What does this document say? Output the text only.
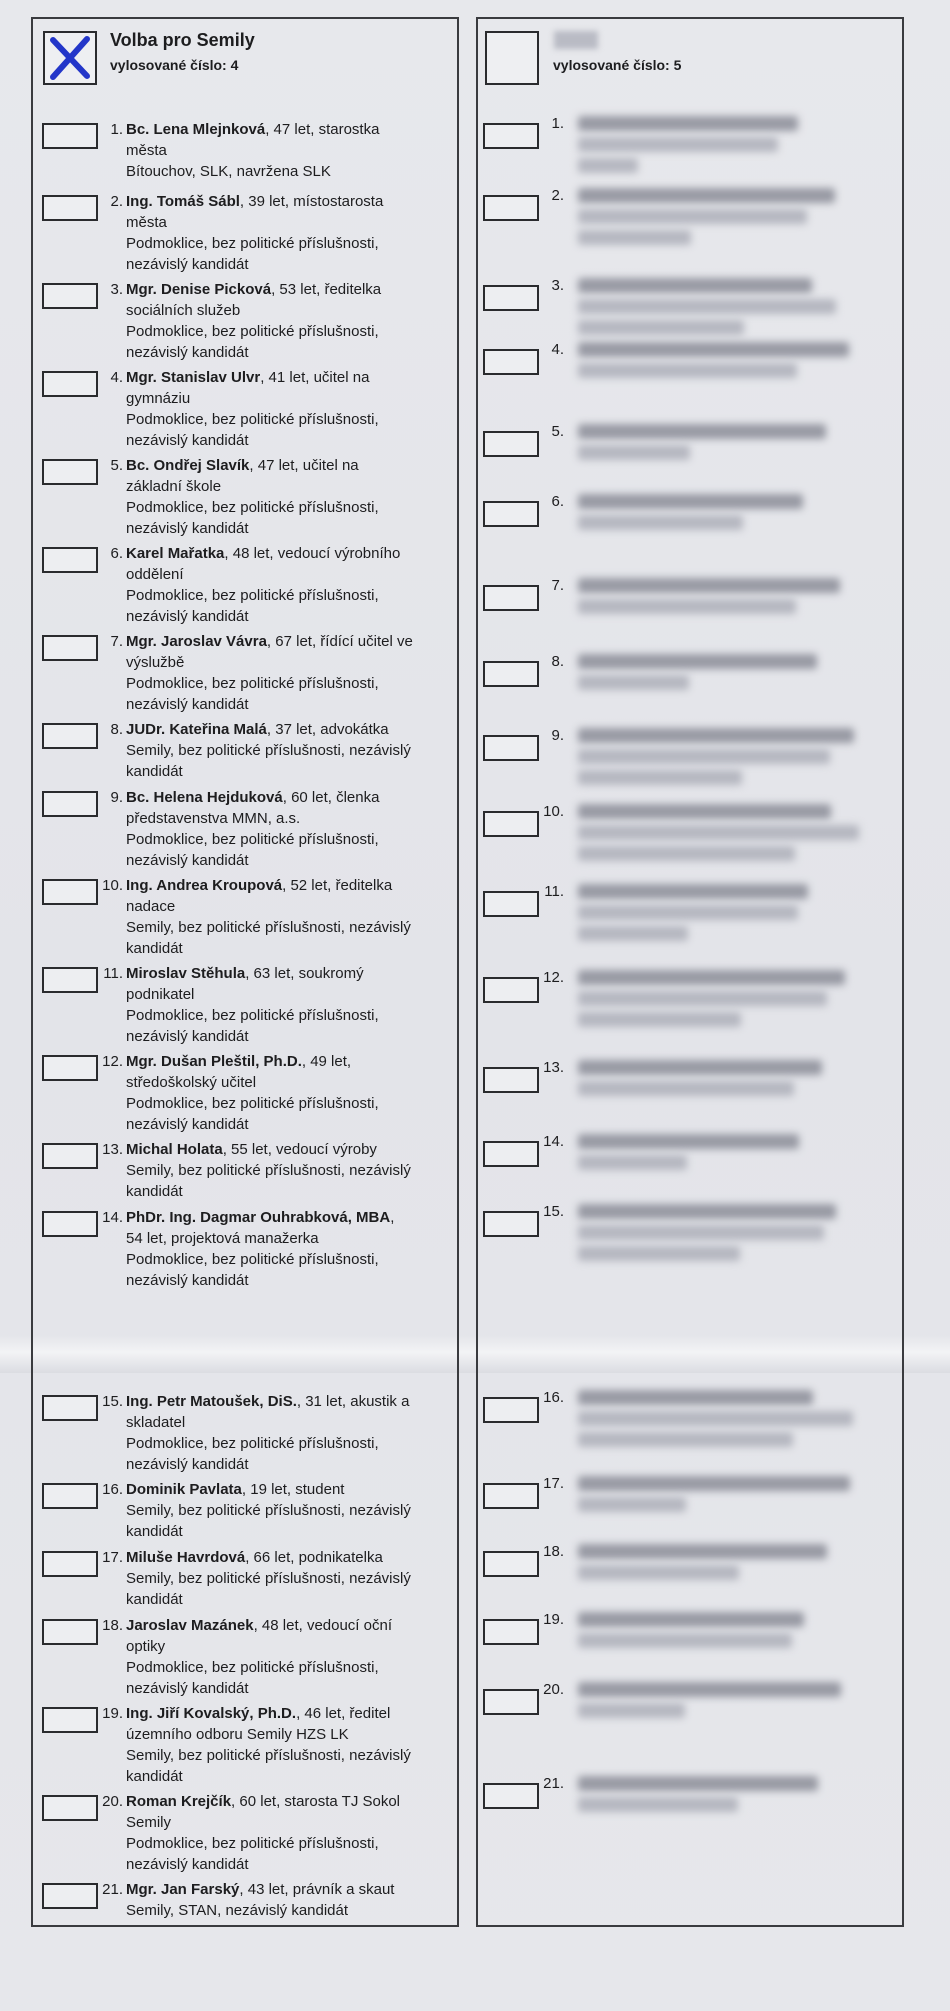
Volba pro Semily
vylosované číslo: 4
1. Bc. Lena Mlejnková, 47 let, starostka
města
Bítouchov, SLK, navržena SLK
2. Ing. Tomáš Sábl, 39 let, místostarosta
města
Podmoklice, bez politické příslušnosti,
nezávislý kandidát
3. Mgr. Denise Picková, 53 let, ředitelka
sociálních služeb
Podmoklice, bez politické příslušnosti,
nezávislý kandidát
4. Mgr. Stanislav Ulvr, 41 let, učitel na
gymnáziu
Podmoklice, bez politické příslušnosti,
nezávislý kandidát
5. Bc. Ondřej Slavík, 47 let, učitel na
základní škole
Podmoklice, bez politické příslušnosti,
nezávislý kandidát
6. Karel Mařatka, 48 let, vedoucí výrobního
oddělení
Podmoklice, bez politické příslušnosti,
nezávislý kandidát
7. Mgr. Jaroslav Vávra, 67 let, řídící učitel ve
výslužbě
Podmoklice, bez politické příslušnosti,
nezávislý kandidát
8. JUDr. Kateřina Malá, 37 let, advokátka
Semily, bez politické příslušnosti, nezávislý
kandidát
9. Bc. Helena Hejduková, 60 let, členka
představenstva MMN, a.s.
Podmoklice, bez politické příslušnosti,
nezávislý kandidát
10. Ing. Andrea Kroupová, 52 let, ředitelka
nadace
Semily, bez politické příslušnosti, nezávislý
kandidát
11. Miroslav Stěhula, 63 let, soukromý
podnikatel
Podmoklice, bez politické příslušnosti,
nezávislý kandidát
12. Mgr. Dušan Pleštil, Ph.D., 49 let,
středoškolský učitel
Podmoklice, bez politické příslušnosti,
nezávislý kandidát
13. Michal Holata, 55 let, vedoucí výroby
Semily, bez politické příslušnosti, nezávislý
kandidát
14. PhDr. Ing. Dagmar Ouhrabková, MBA,
54 let, projektová manažerka
Podmoklice, bez politické příslušnosti,
nezávislý kandidát
15. Ing. Petr Matoušek, DiS., 31 let, akustik a
skladatel
Podmoklice, bez politické příslušnosti,
nezávislý kandidát
16. Dominik Pavlata, 19 let, student
Semily, bez politické příslušnosti, nezávislý
kandidát
17. Miluše Havrdová, 66 let, podnikatelka
Semily, bez politické příslušnosti, nezávislý
kandidát
18. Jaroslav Mazánek, 48 let, vedoucí oční
optiky
Podmoklice, bez politické příslušnosti,
nezávislý kandidát
19. Ing. Jiří Kovalský, Ph.D., 46 let, ředitel
územního odboru Semily HZS LK
Semily, bez politické příslušnosti, nezávislý
kandidát
20. Roman Krejčík, 60 let, starosta TJ Sokol
Semily
Podmoklice, bez politické příslušnosti,
nezávislý kandidát
21. Mgr. Jan Farský, 43 let, právník a skaut
Semily, STAN, nezávislý kandidát
vylosované číslo: 5
1.
2.
3.
4.
5.
6.
7.
8.
9.
10.
11.
12.
13.
14.
15.
16.
17.
18.
19.
20.
21.
